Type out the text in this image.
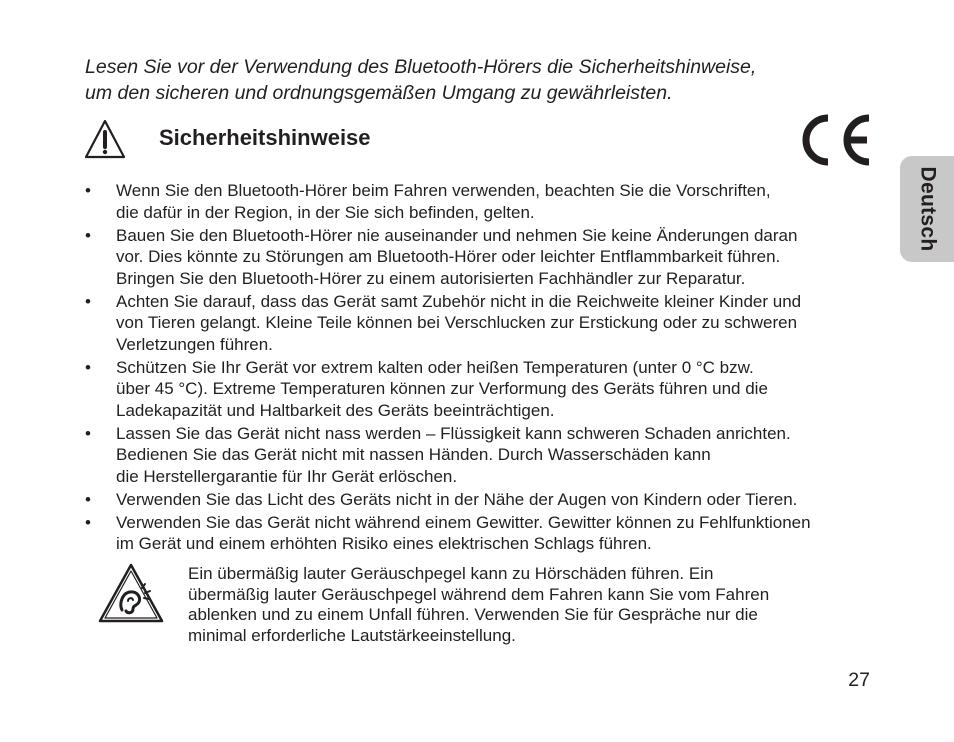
Lesen Sie vor der Verwendung des Bluetooth-Hörers die Sicherheitshinweise,
um den sicheren und ordnungsgemäßen Umgang zu gewährleisten.

Sicherheitshinweise
Deutsch
• Wenn Sie den Bluetooth-Hörer beim Fahren verwenden, beachten Sie die Vorschriften,
die dafür in der Region, in der Sie sich befinden, gelten.
• Bauen Sie den Bluetooth-Hörer nie auseinander und nehmen Sie keine Änderungen daran
vor. Dies könnte zu Störungen am Bluetooth-Hörer oder leichter Entflammbarkeit führen.
Bringen Sie den Bluetooth-Hörer zu einem autorisierten Fachhändler zur Reparatur.
• Achten Sie darauf, dass das Gerät samt Zubehör nicht in die Reichweite kleiner Kinder und
von Tieren gelangt. Kleine Teile können bei Verschlucken zur Erstickung oder zu schweren
Verletzungen führen.
• Schützen Sie Ihr Gerät vor extrem kalten oder heißen Temperaturen (unter 0 °C bzw.
über 45 °C). Extreme Temperaturen können zur Verformung des Geräts führen und die
Ladekapazität und Haltbarkeit des Geräts beeinträchtigen.
• Lassen Sie das Gerät nicht nass werden – Flüssigkeit kann schweren Schaden anrichten.
Bedienen Sie das Gerät nicht mit nassen Händen. Durch Wasserschäden kann
die Herstellergarantie für Ihr Gerät erlöschen.
• Verwenden Sie das Licht des Geräts nicht in der Nähe der Augen von Kindern oder Tieren.
• Verwenden Sie das Gerät nicht während einem Gewitter. Gewitter können zu Fehlfunktionen
im Gerät und einem erhöhten Risiko eines elektrischen Schlags führen.

Ein übermäßig lauter Geräuschpegel kann zu Hörschäden führen. Ein
übermäßig lauter Geräuschpegel während dem Fahren kann Sie vom Fahren
ablenken und zu einem Unfall führen. Verwenden Sie für Gespräche nur die
minimal erforderliche Lautstärkeeinstellung.

27
